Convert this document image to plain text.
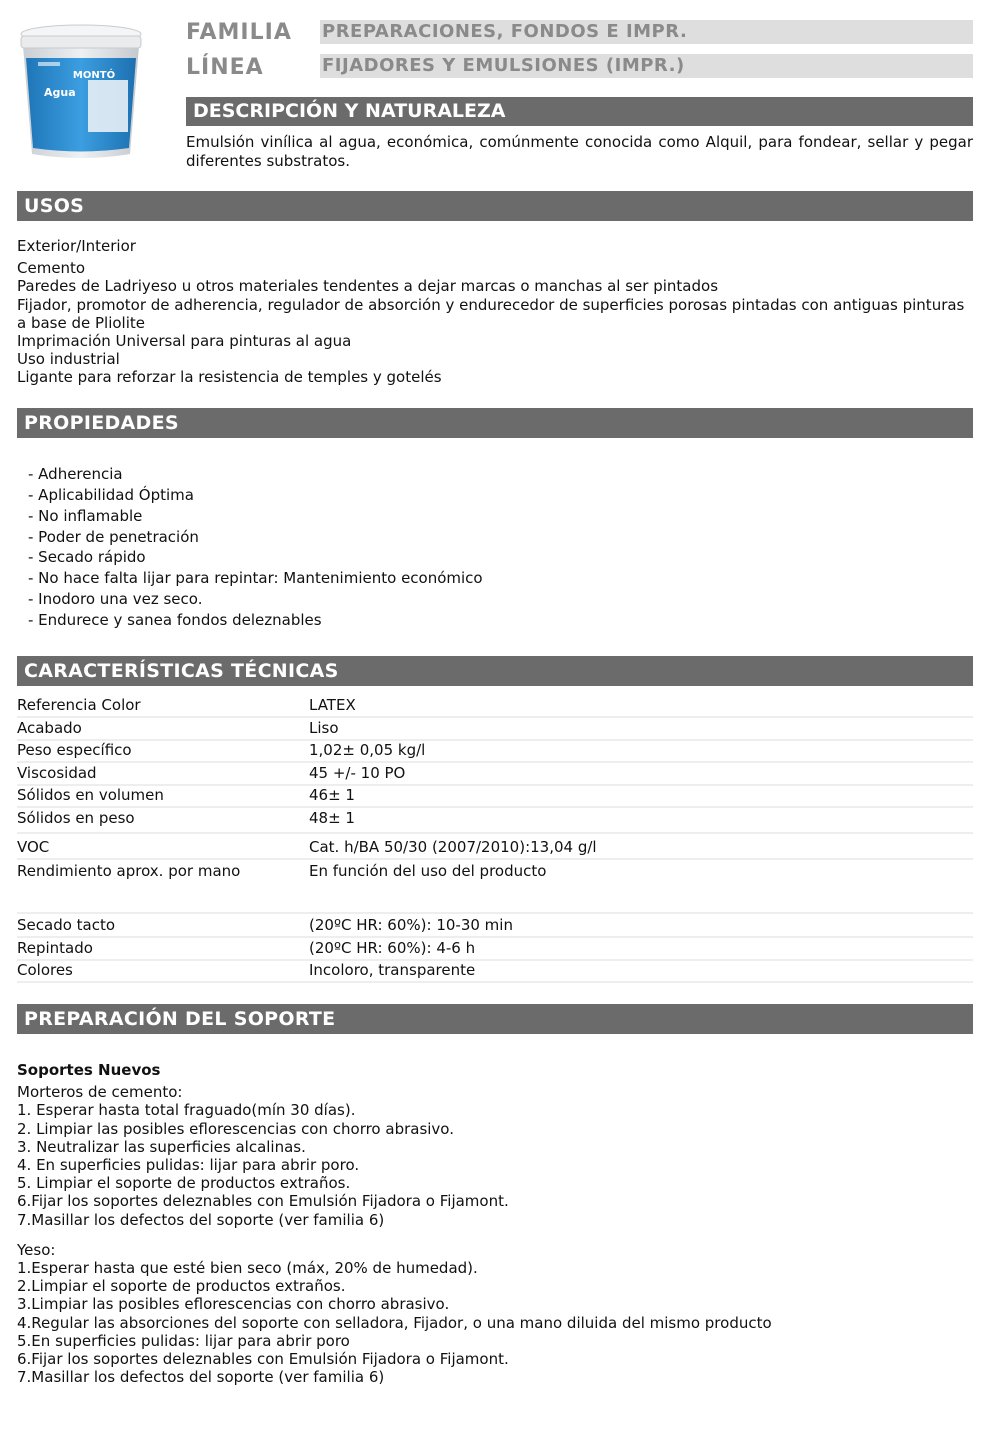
MONTÓ
Agua
FAMILIA PREPARACIONES, FONDOS E IMPR.
LÍNEA	FIJADORES Y EMULSIONES (IMPR.)
DESCRIPCIÓN Y NATURALEZA
Emulsión vinílica al agua, económica, comúnmente conocida como Alquil, para fondear, sellar y pegar diferentes substratos.
USOS
Exterior/Interior
Cemento
Paredes de Ladriyeso u otros materiales tendentes a dejar marcas o manchas al ser pintados
Fijador, promotor de adherencia, regulador de absorción y endurecedor de superficies porosas pintadas con antiguas pinturas a base de Pliolite
Imprimación Universal para pinturas al agua
Uso industrial
Ligante para reforzar la resistencia de temples y gotelés
PROPIEDADES
- Adherencia
- Aplicabilidad Óptima
- No inflamable
- Poder de penetración
- Secado rápido
- No hace falta lijar para repintar: Mantenimiento económico
- Inodoro una vez seco.
- Endurece y sanea fondos deleznables
CARACTERÍSTICAS TÉCNICAS
Referencia Color	LATEX
Acabado	Liso
Peso específico	1,02± 0,05 kg/l
Viscosidad	45 +/- 10 PO
Sólidos en volumen	46± 1
Sólidos en peso	48± 1
VOC	Cat. h/BA 50/30 (2007/2010):13,04 g/l
Rendimiento aprox. por mano	En función del uso del producto
Secado tacto	(20ºC HR: 60%): 10-30 min
Repintado	(20ºC HR: 60%): 4-6 h
Colores	Incoloro, transparente
PREPARACIÓN DEL SOPORTE
Soportes Nuevos
Morteros de cemento:
1. Esperar hasta total fraguado(mín 30 días).
2. Limpiar las posibles eflorescencias con chorro abrasivo.
3. Neutralizar las superficies alcalinas.
4. En superficies pulidas: lijar para abrir poro.
5. Limpiar el soporte de productos extraños.
6.Fijar los soportes deleznables con Emulsión Fijadora o Fijamont.
7.Masillar los defectos del soporte (ver familia 6)
Yeso:
1.Esperar hasta que esté bien seco (máx, 20% de humedad).
2.Limpiar el soporte de productos extraños.
3.Limpiar las posibles eflorescencias con chorro abrasivo.
4.Regular las absorciones del soporte con selladora, Fijador, o una mano diluida del mismo producto
5.En superficies pulidas: lijar para abrir poro
6.Fijar los soportes deleznables con Emulsión Fijadora o Fijamont.
7.Masillar los defectos del soporte (ver familia 6)
